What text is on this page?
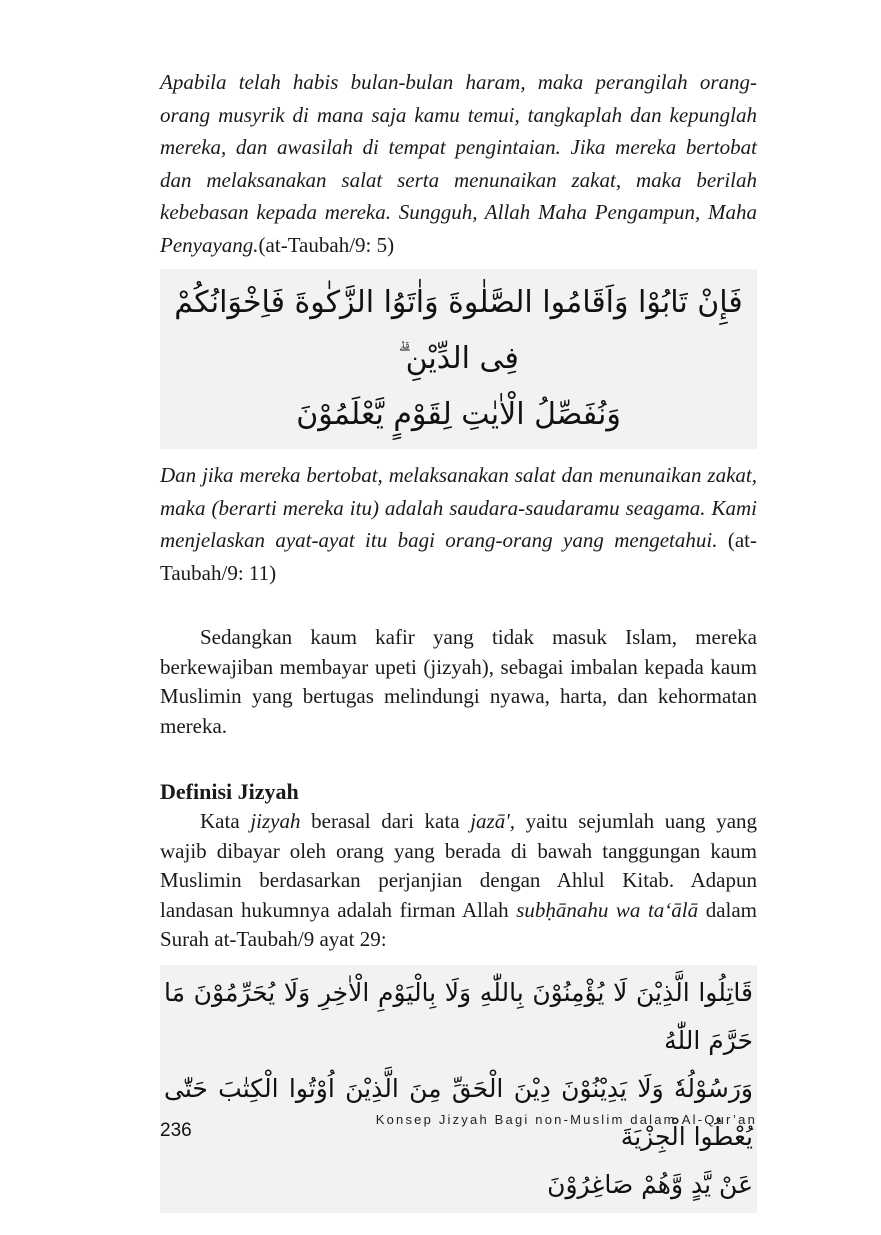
Apabila telah habis bulan-bulan haram, maka perangilah orang-orang musyrik di mana saja kamu temui, tangkaplah dan kepunglah mereka, dan awasilah di tempat pengintaian. Jika mereka bertobat dan melaksanakan salat serta menunaikan zakat, maka berilah kebebasan kepada mereka. Sungguh, Allah Maha Pengampun, Maha Penyayang.(at-Taubah/9: 5)

فَإِنْ تَابُوْا وَاَقَامُوا الصَّلٰوةَ وَاٰتَوُا الزَّكٰوةَ فَاِخْوَانُكُمْ فِى الدِّيْنِ ۗ
وَنُفَصِّلُ الْاٰيٰتِ لِقَوْمٍ يَّعْلَمُوْنَ

Dan jika mereka bertobat, melaksanakan salat dan menunaikan zakat, maka (berarti mereka itu) adalah saudara-saudaramu seagama. Kami menjelaskan ayat-ayat itu bagi orang-orang yang mengetahui. (at-Taubah/9: 11)

Sedangkan kaum kafir yang tidak masuk Islam, mereka berkewajiban membayar upeti (jizyah), sebagai imbalan kepada kaum Muslimin yang bertugas melindungi nyawa, harta, dan kehormatan mereka.

Definisi Jizyah

Kata jizyah berasal dari kata jazā', yaitu sejumlah uang yang wajib dibayar oleh orang yang berada di bawah tanggungan kaum Muslimin berdasarkan perjanjian dengan Ahlul Kitab. Adapun landasan hukumnya adalah firman Allah subḥānahu wa ta‘ālā dalam Surah at-Taubah/9 ayat 29:

قَاتِلُوا الَّذِيْنَ لَا يُؤْمِنُوْنَ بِاللّٰهِ وَلَا بِالْيَوْمِ الْاٰخِرِ وَلَا يُحَرِّمُوْنَ مَا حَرَّمَ اللّٰهُ
وَرَسُوْلُهٗ وَلَا يَدِيْنُوْنَ دِيْنَ الْحَقِّ مِنَ الَّذِيْنَ اُوْتُوا الْكِتٰبَ حَتّٰى يُعْطُوا الْجِزْيَةَ
عَنْ يَّدٍ وَّهُمْ صَاغِرُوْنَ
Konsep Jizyah Bagi non-Muslim dalam Al-Qur’an
236
